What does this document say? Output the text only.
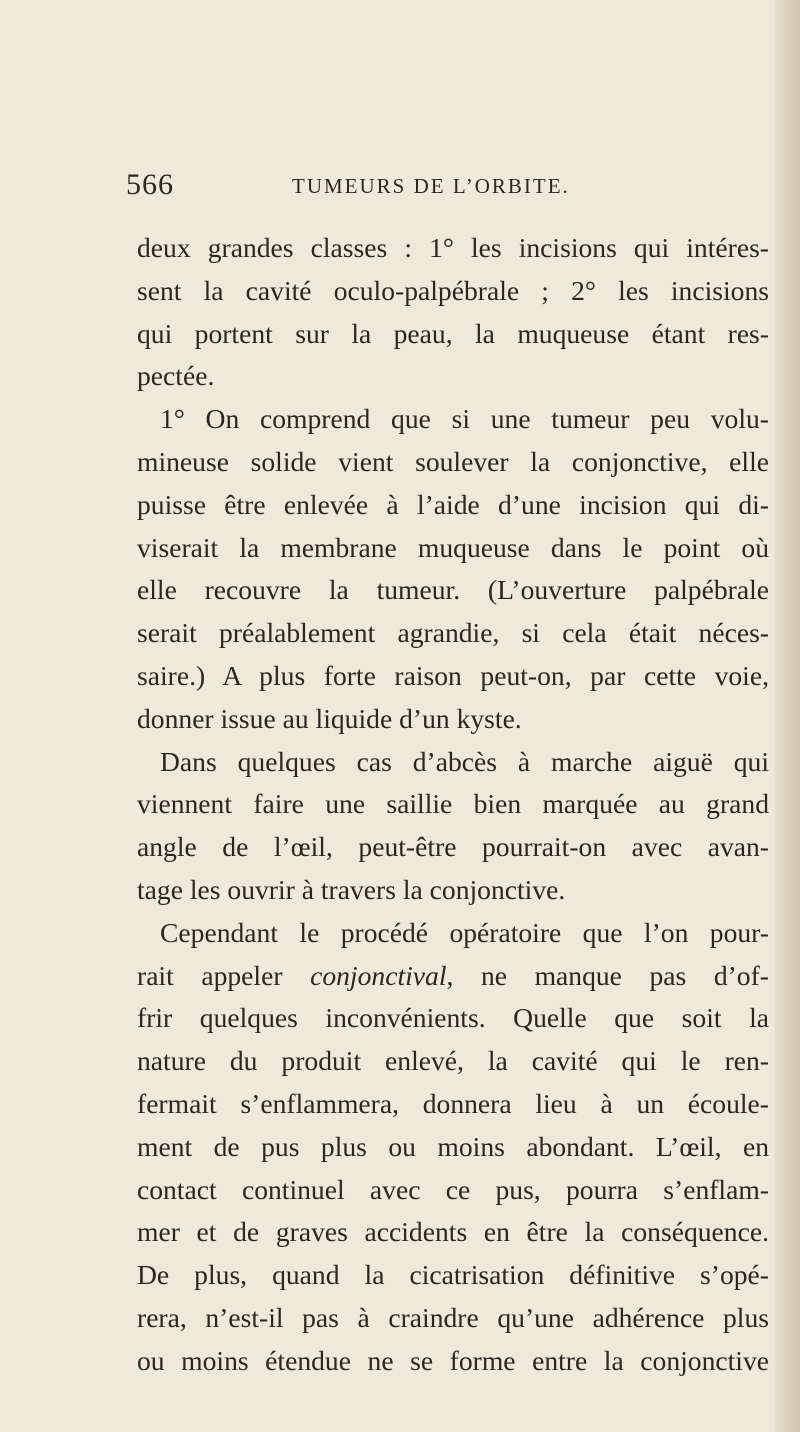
566	TUMEURS DE L’ORBITE.
deux grandes classes : 1° les incisions qui intéres-
sent la cavité oculo-palpébrale ; 2° les incisions
qui portent sur la peau, la muqueuse étant res-
pectée.
1° On comprend que si une tumeur peu volu-
mineuse solide vient soulever la conjonctive, elle
puisse être enlevée à l’aide d’une incision qui di-
viserait la membrane muqueuse dans le point où
elle recouvre la tumeur. (L’ouverture palpébrale
serait préalablement agrandie, si cela était néces-
saire.) A plus forte raison peut-on, par cette voie,
donner issue au liquide d’un kyste.
Dans quelques cas d’abcès à marche aiguë qui
viennent faire une saillie bien marquée au grand
angle de l’œil, peut-être pourrait-on avec avan-
tage les ouvrir à travers la conjonctive.
Cependant le procédé opératoire que l’on pour-
rait appeler conjonctival, ne manque pas d’of-
frir quelques inconvénients. Quelle que soit la
nature du produit enlevé, la cavité qui le ren-
fermait s’enflammera, donnera lieu à un écoule-
ment de pus plus ou moins abondant. L’œil, en
contact continuel avec ce pus, pourra s’enflam-
mer et de graves accidents en être la conséquence.
De plus, quand la cicatrisation définitive s’opé-
rera, n’est-il pas à craindre qu’une adhérence plus
ou moins étendue ne se forme entre la conjonctive
